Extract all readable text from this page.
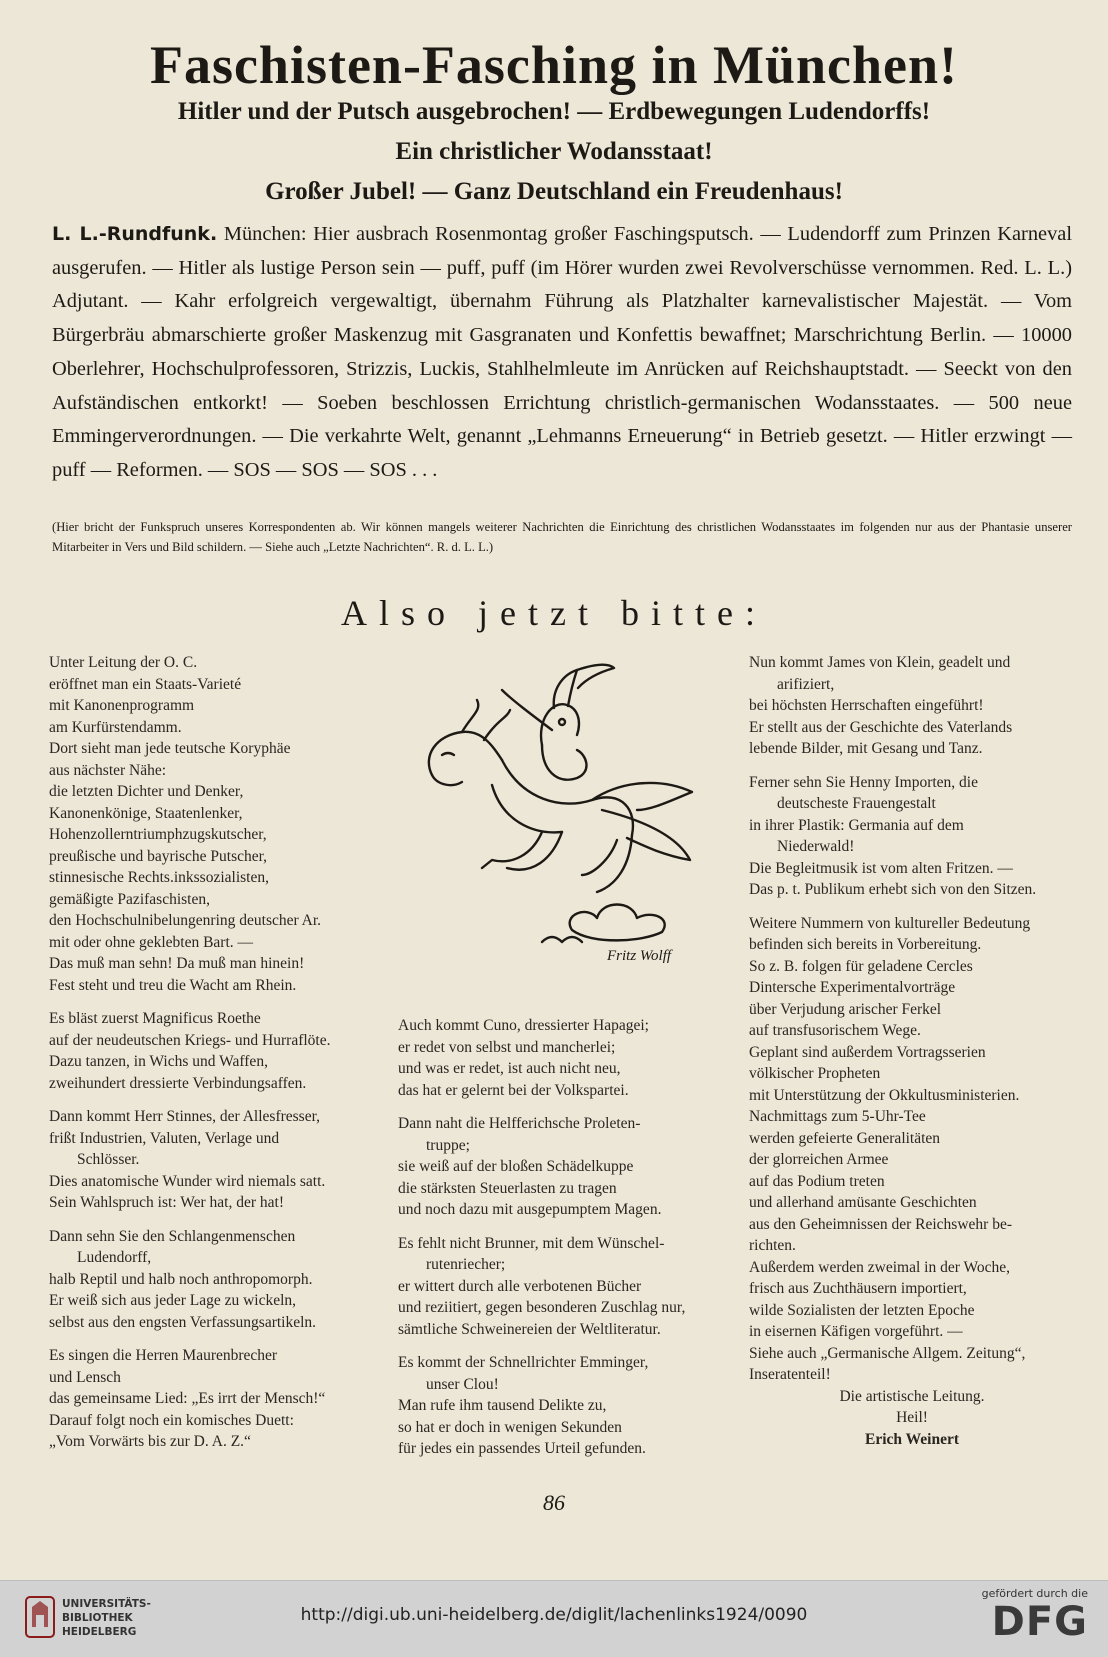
Faschisten-Fasching in München!
Hitler und der Putsch ausgebrochen! — Erdbewegungen Ludendorffs!
Ein christlicher Wodansstaat!
Großer Jubel! — Ganz Deutschland ein Freudenhaus!
L. L.-Rundfunk. München: Hier ausbrach Rosenmontag großer Faschingsputsch. — Ludendorff zum Prinzen Karneval ausgerufen. — Hitler als lustige Person sein — puff, puff (im Hörer wurden zwei Revolverschüsse vernommen. Red. L. L.) Adjutant. — Kahr erfolgreich vergewaltigt, übernahm Führung als Platzhalter karnevalistischer Majestät. — Vom Bürgerbräu abmarschierte großer Maskenzug mit Gasgranaten und Konfettis bewaffnet; Marschrichtung Berlin. — 10000 Oberlehrer, Hochschulprofessoren, Strizzis, Luckis, Stahlhelmleute im Anrücken auf Reichshauptstadt. — Seeckt von den Aufständischen entkorkt! — Soeben beschlossen Errichtung christlich-germanischen Wodansstaates. — 500 neue Emmingerverordnungen. — Die verkahrte Welt, genannt „Lehmanns Erneuerung“ in Betrieb gesetzt. — Hitler erzwingt — puff — Reformen. — SOS — SOS — SOS . . .
(Hier bricht der Funkspruch unseres Korrespondenten ab. Wir können mangels weiterer Nachrichten die Einrichtung des christlichen Wodansstaates im folgenden nur aus der Phantasie unserer Mitarbeiter in Vers und Bild schildern. — Siehe auch „Letzte Nachrichten“. R. d. L. L.)
Also jetzt bitte:
Unter Leitung der O. C.
eröffnet man ein Staats-Varieté
mit Kanonenprogramm
am Kurfürstendamm.
Dort sieht man jede teutsche Koryphäe
aus nächster Nähe:
die letzten Dichter und Denker,
Kanonenkönige, Staatenlenker,
Hohenzollerntriumphzugskutscher,
preußische und bayrische Putscher,
stinnesische Rechts.inkssozialisten,
gemäßigte Pazifaschisten,
den Hochschulnibelungenring deutscher Ar.
mit oder ohne geklebten Bart. —
Das muß man sehn! Da muß man hinein!
Fest steht und treu die Wacht am Rhein.
Es bläst zuerst Magnificus Roethe
auf der neudeutschen Kriegs- und Hurraflöte.
Dazu tanzen, in Wichs und Waffen,
zweihundert dressierte Verbindungsaffen.
Dann kommt Herr Stinnes, der Allesfresser,
frißt Industrien, Valuten, Verlage und
Schlösser.
Dies anatomische Wunder wird niemals satt.
Sein Wahlspruch ist: Wer hat, der hat!
Dann sehn Sie den Schlangenmenschen
Ludendorff,
halb Reptil und halb noch anthropomorph.
Er weiß sich aus jeder Lage zu wickeln,
selbst aus den engsten Verfassungsartikeln.
Es singen die Herren Maurenbrecher
und Lensch
das gemeinsame Lied: „Es irrt der Mensch!“
Darauf folgt noch ein komisches Duett:
„Vom Vorwärts bis zur D. A. Z.“
Auch kommt Cuno, dressierter Hapagei;
er redet von selbst und mancherlei;
und was er redet, ist auch nicht neu,
das hat er gelernt bei der Volkspartei.
Dann naht die Helfferichsche Proleten-
truppe;
sie weiß auf der bloßen Schädelkuppe
die stärksten Steuerlasten zu tragen
und noch dazu mit ausgepumptem Magen.
Es fehlt nicht Brunner, mit dem Wünschel-
rutenriecher;
er wittert durch alle verbotenen Bücher
und reziitiert, gegen besonderen Zuschlag nur,
sämtliche Schweinereien der Weltliteratur.
Es kommt der Schnellrichter Emminger,
unser Clou!
Man rufe ihm tausend Delikte zu,
so hat er doch in wenigen Sekunden
für jedes ein passendes Urteil gefunden.
Nun kommt James von Klein, geadelt und
arifiziert,
bei höchsten Herrschaften eingeführt!
Er stellt aus der Geschichte des Vaterlands
lebende Bilder, mit Gesang und Tanz.
Ferner sehn Sie Henny Importen, die
deutscheste Frauengestalt
in ihrer Plastik: Germania auf dem
Niederwald!
Die Begleitmusik ist vom alten Fritzen. —
Das p. t. Publikum erhebt sich von den Sitzen.
Weitere Nummern von kultureller Bedeutung
befinden sich bereits in Vorbereitung.
So z. B. folgen für geladene Cercles
Dintersche Experimentalvorträge
über Verjudung arischer Ferkel
auf transfusorischem Wege.
Geplant sind außerdem Vortragsserien
völkischer Propheten
mit Unterstützung der Okkultusministerien.
Nachmittags zum 5-Uhr-Tee
werden gefeierte Generalitäten
der glorreichen Armee
auf das Podium treten
und allerhand amüsante Geschichten
aus den Geheimnissen der Reichswehr be-
richten.
Außerdem werden zweimal in der Woche,
frisch aus Zuchthäusern importiert,
wilde Sozialisten der letzten Epoche
in eisernen Käfigen vorgeführt. —
Siehe auch „Germanische Allgem. Zeitung“,
Inseratenteil!
Die artistische Leitung.
Heil!
Erich Weinert
Fritz Wolff
86
UNIVERSITÄTS-
BIBLIOTHEK
HEIDELBERG
http://digi.ub.uni-heidelberg.de/diglit/lachenlinks1924/0090
gefördert durch die
DFG
